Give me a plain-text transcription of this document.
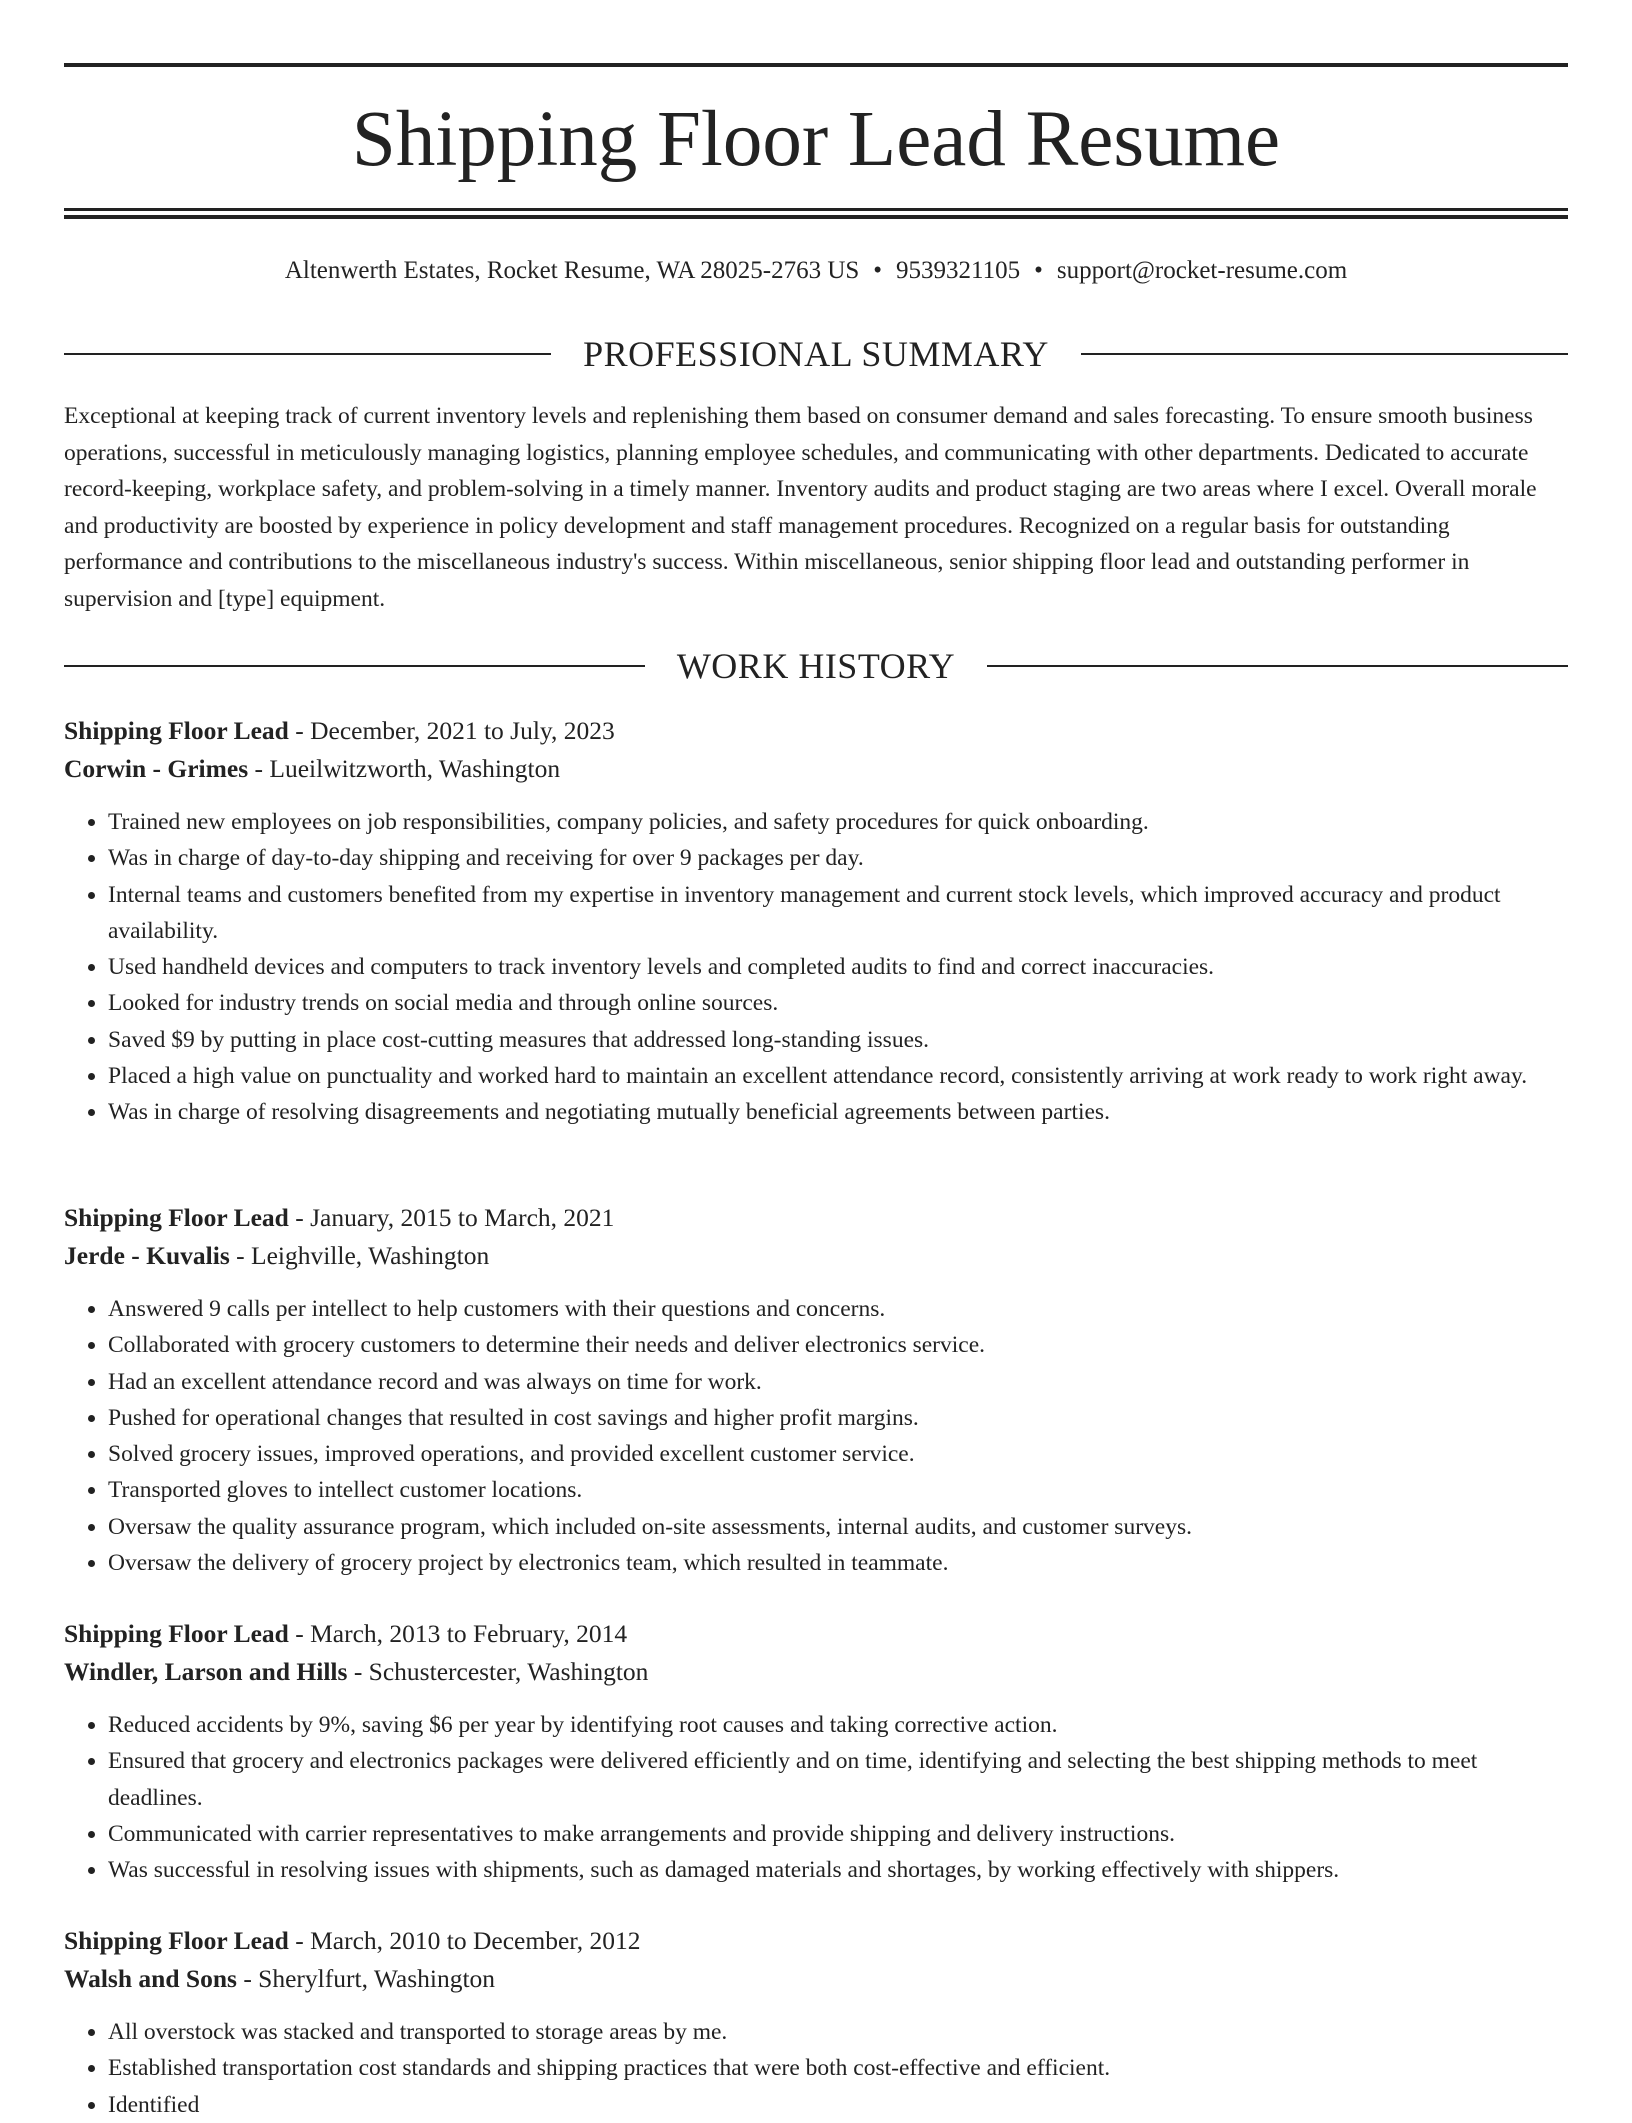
Shipping Floor Lead Resume
Altenwerth Estates, Rocket Resume, WA 28025-2763 US • 9539321105 • support@rocket-resume.com
PROFESSIONAL SUMMARY

Exceptional at keeping track of current inventory levels and replenishing them based on consumer demand and sales forecasting. To ensure smooth business operations, successful in meticulously managing logistics, planning employee schedules, and communicating with other departments. Dedicated to accurate record-keeping, workplace safety, and problem-solving in a timely manner. Inventory audits and product staging are two areas where I excel. Overall morale and productivity are boosted by experience in policy development and staff management procedures. Recognized on a regular basis for outstanding performance and contributions to the miscellaneous industry's success. Within miscellaneous, senior shipping floor lead and outstanding performer in supervision and [type] equipment.

WORK HISTORY
Shipping Floor Lead - December, 2021 to July, 2023
Corwin - Grimes - Lueilwitzworth, Washington
• Trained new employees on job responsibilities, company policies, and safety procedures for quick onboarding.
• Was in charge of day-to-day shipping and receiving for over 9 packages per day.
• Internal teams and customers benefited from my expertise in inventory management and current stock levels, which improved accuracy and product availability.
• Used handheld devices and computers to track inventory levels and completed audits to find and correct inaccuracies.
• Looked for industry trends on social media and through online sources.
• Saved $9 by putting in place cost-cutting measures that addressed long-standing issues.
• Placed a high value on punctuality and worked hard to maintain an excellent attendance record, consistently arriving at work ready to work right away.
• Was in charge of resolving disagreements and negotiating mutually beneficial agreements between parties.
Shipping Floor Lead - January, 2015 to March, 2021
Jerde - Kuvalis - Leighville, Washington
• Answered 9 calls per intellect to help customers with their questions and concerns.
• Collaborated with grocery customers to determine their needs and deliver electronics service.
• Had an excellent attendance record and was always on time for work.
• Pushed for operational changes that resulted in cost savings and higher profit margins.
• Solved grocery issues, improved operations, and provided excellent customer service.
• Transported gloves to intellect customer locations.
• Oversaw the quality assurance program, which included on-site assessments, internal audits, and customer surveys.
• Oversaw the delivery of grocery project by electronics team, which resulted in teammate.
Shipping Floor Lead - March, 2013 to February, 2014
Windler, Larson and Hills - Schustercester, Washington
• Reduced accidents by 9%, saving $6 per year by identifying root causes and taking corrective action.
• Ensured that grocery and electronics packages were delivered efficiently and on time, identifying and selecting the best shipping methods to meet deadlines.
• Communicated with carrier representatives to make arrangements and provide shipping and delivery instructions.
• Was successful in resolving issues with shipments, such as damaged materials and shortages, by working effectively with shippers.
Shipping Floor Lead - March, 2010 to December, 2012
Walsh and Sons - Sherylfurt, Washington
• All overstock was stacked and transported to storage areas by me.
• Established transportation cost standards and shipping practices that were both cost-effective and efficient.
• Identified
